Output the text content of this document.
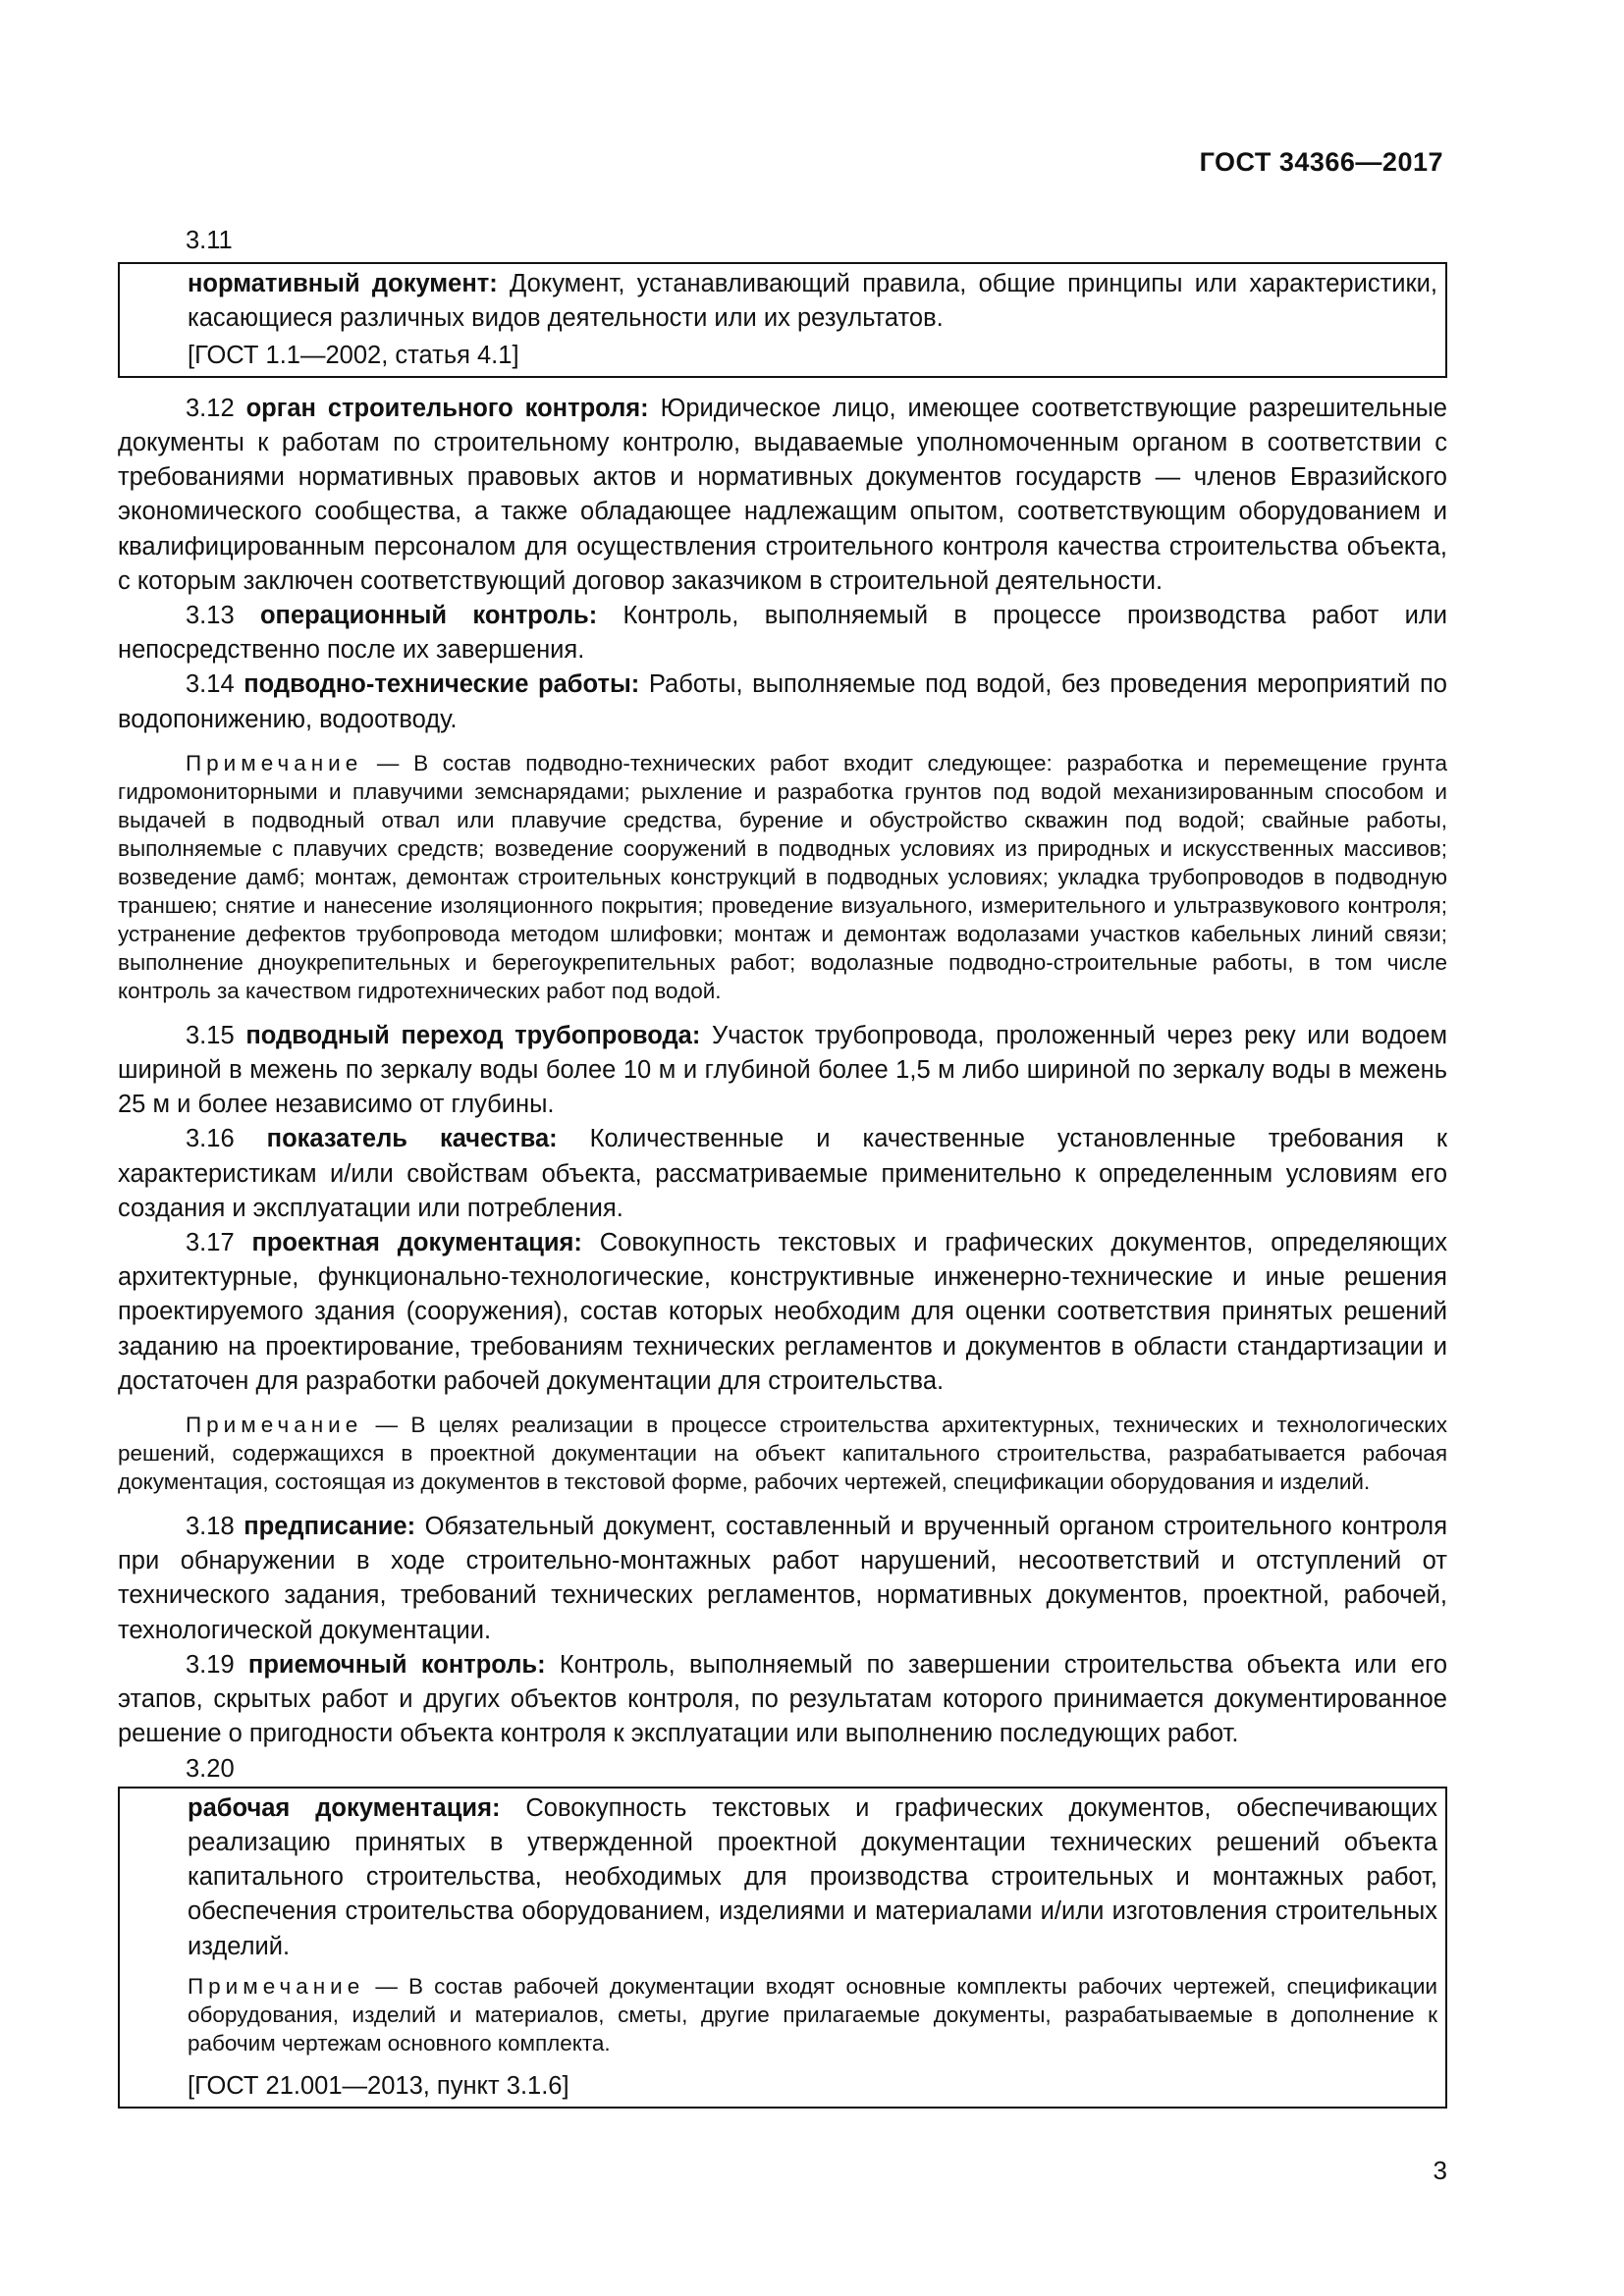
ГОСТ 34366—2017

3.11

нормативный документ: Документ, устанавливающий правила, общие принципы или характеристики, касающиеся различных видов деятельности или их результатов.

[ГОСТ 1.1—2002, статья 4.1]

3.12 орган строительного контроля: Юридическое лицо, имеющее соответствующие разрешительные документы к работам по строительному контролю, выдаваемые уполномоченным органом в соответствии с требованиями нормативных правовых актов и нормативных документов государств — членов Евразийского экономического сообщества, а также обладающее надлежащим опытом, соответствующим оборудованием и квалифицированным персоналом для осуществления строительного контроля качества строительства объекта, с которым заключен соответствующий договор заказчиком в строительной деятельности.

3.13 операционный контроль: Контроль, выполняемый в процессе производства работ или непосредственно после их завершения.

3.14 подводно-технические работы: Работы, выполняемые под водой, без проведения мероприятий по водопонижению, водоотводу.

Примечание — В состав подводно-технических работ входит следующее: разработка и перемещение грунта гидромониторными и плавучими земснарядами; рыхление и разработка грунтов под водой механизированным способом и выдачей в подводный отвал или плавучие средства, бурение и обустройство скважин под водой; свайные работы, выполняемые с плавучих средств; возведение сооружений в подводных условиях из природных и искусственных массивов; возведение дамб; монтаж, демонтаж строительных конструкций в подводных условиях; укладка трубопроводов в подводную траншею; снятие и нанесение изоляционного покрытия; проведение визуального, измерительного и ультразвукового контроля; устранение дефектов трубопровода методом шлифовки; монтаж и демонтаж водолазами участков кабельных линий связи; выполнение дноукрепительных и берегоукрепительных работ; водолазные подводно-строительные работы, в том числе контроль за качеством гидротехнических работ под водой.

3.15 подводный переход трубопровода: Участок трубопровода, проложенный через реку или водоем шириной в межень по зеркалу воды более 10 м и глубиной более 1,5 м либо шириной по зеркалу воды в межень 25 м и более независимо от глубины.

3.16 показатель качества: Количественные и качественные установленные требования к характеристикам и/или свойствам объекта, рассматриваемые применительно к определенным условиям его создания и эксплуатации или потребления.

3.17 проектная документация: Совокупность текстовых и графических документов, определяющих архитектурные, функционально-технологические, конструктивные инженерно-технические и иные решения проектируемого здания (сооружения), состав которых необходим для оценки соответствия принятых решений заданию на проектирование, требованиям технических регламентов и документов в области стандартизации и достаточен для разработки рабочей документации для строительства.

Примечание — В целях реализации в процессе строительства архитектурных, технических и технологических решений, содержащихся в проектной документации на объект капитального строительства, разрабатывается рабочая документация, состоящая из документов в текстовой форме, рабочих чертежей, спецификации оборудования и изделий.

3.18 предписание: Обязательный документ, составленный и врученный органом строительного контроля при обнаружении в ходе строительно-монтажных работ нарушений, несоответствий и отступлений от технического задания, требований технических регламентов, нормативных документов, проектной, рабочей, технологической документации.

3.19 приемочный контроль: Контроль, выполняемый по завершении строительства объекта или его этапов, скрытых работ и других объектов контроля, по результатам которого принимается документированное решение о пригодности объекта контроля к эксплуатации или выполнению последующих работ.

3.20

рабочая документация: Совокупность текстовых и графических документов, обеспечивающих реализацию принятых в утвержденной проектной документации технических решений объекта капитального строительства, необходимых для производства строительных и монтажных работ, обеспечения строительства оборудованием, изделиями и материалами и/или изготовления строительных изделий.

Примечание — В состав рабочей документации входят основные комплекты рабочих чертежей, спецификации оборудования, изделий и материалов, сметы, другие прилагаемые документы, разрабатываемые в дополнение к рабочим чертежам основного комплекта.

[ГОСТ 21.001—2013, пункт 3.1.6]

3
